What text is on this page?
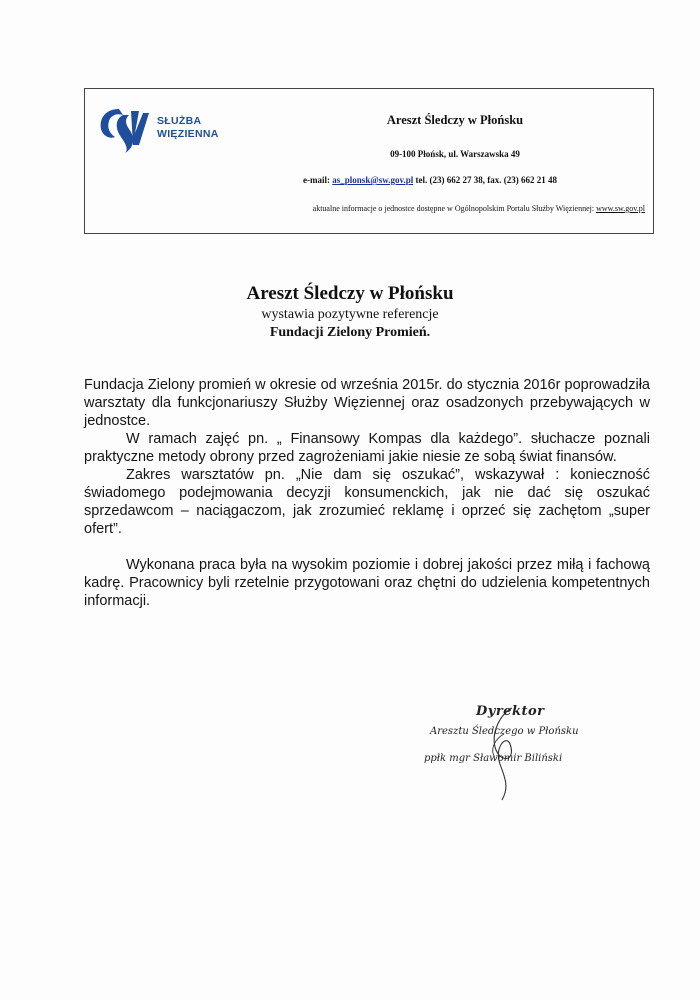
SŁUŻBA
WIĘZIENNA
Areszt Śledczy w Płońsku
09-100 Płońsk, ul. Warszawska 49
e-mail: as_plonsk@sw.gov.pl tel. (23) 662 27 38, fax. (23) 662 21 48
aktualne informacje o jednostce dostępne w Ogólnopolskim Portalu Służby Więziennej: www.sw.gov.pl
Areszt Śledczy w Płońsku
wystawia pozytywne referencje
Fundacji Zielony Promień.

Fundacja Zielony promień w okresie od września 2015r. do stycznia 2016r poprowadziła warsztaty dla funkcjonariuszy Służby Więziennej oraz osadzonych przebywających w jednostce.

W ramach zajęć pn. „ Finansowy Kompas dla każdego”. słuchacze poznali praktyczne metody obrony przed zagrożeniami jakie niesie ze sobą świat finansów.

Zakres warsztatów pn. „Nie dam się oszukać”, wskazywał : konieczność świadomego podejmowania decyzji konsumenckich, jak nie dać się oszukać sprzedawcom – naciągaczom, jak zrozumieć reklamę i oprzeć się zachętom „super ofert”.

Wykonana praca była na wysokim poziomie i dobrej jakości przez miłą i fachową kadrę. Pracownicy byli rzetelnie przygotowani oraz chętni do udzielenia kompetentnych informacji.

Dyrektor
Aresztu Śledczego w Płońsku
ppłk mgr Sławomir Biliński
